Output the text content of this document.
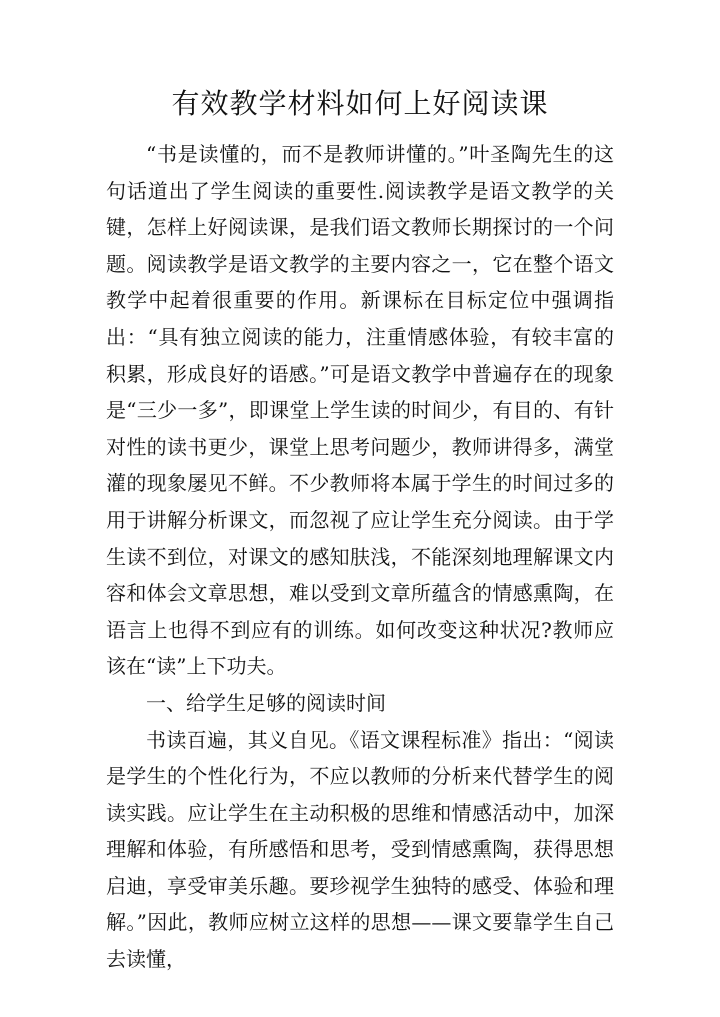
有效教学材料如何上好阅读课

“书是读懂的，而不是教师讲懂的。”叶圣陶先生的这句话道出了学生阅读的重要性.阅读教学是语文教学的关键，怎样上好阅读课，是我们语文教师长期探讨的一个问题。阅读教学是语文教学的主要内容之一，它在整个语文教学中起着很重要的作用。新课标在目标定位中强调指出：“具有独立阅读的能力，注重情感体验，有较丰富的积累，形成良好的语感。”可是语文教学中普遍存在的现象是“三少一多”，即课堂上学生读的时间少，有目的、有针对性的读书更少，课堂上思考问题少，教师讲得多，满堂灌的现象屡见不鲜。不少教师将本属于学生的时间过多的用于讲解分析课文，而忽视了应让学生充分阅读。由于学生读不到位，对课文的感知肤浅，不能深刻地理解课文内容和体会文章思想，难以受到文章所蕴含的情感熏陶，在语言上也得不到应有的训练。如何改变这种状况?教师应该在“读”上下功夫。

一、给学生足够的阅读时间

书读百遍，其义自见。《语文课程标准》指出：“阅读是学生的个性化行为，不应以教师的分析来代替学生的阅读实践。应让学生在主动积极的思维和情感活动中，加深理解和体验，有所感悟和思考，受到情感熏陶，获得思想启迪，享受审美乐趣。要珍视学生独特的感受、体验和理解。”因此，教师应树立这样的思想——课文要靠学生自己去读懂，
